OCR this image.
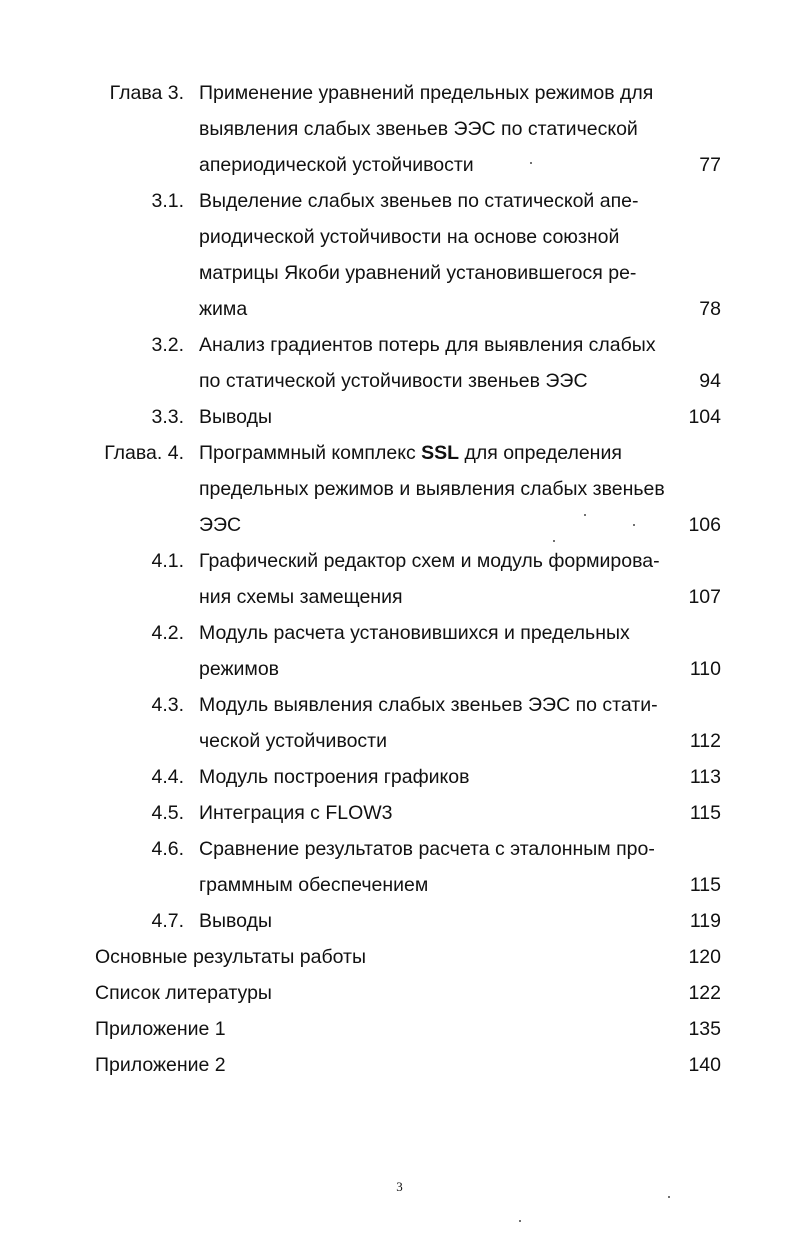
Глава 3. Применение уравнений предельных режимов для
выявления слабых звеньев ЭЭС по статической
апериодической устойчивости	77
3.1. Выделение слабых звеньев по статической апе-
риодической устойчивости на основе союзной
матрицы Якоби уравнений установившегося ре-
жима	78
3.2. Анализ градиентов потерь для выявления слабых
по статической устойчивости звеньев ЭЭС	94
3.3. Выводы	104
Глава. 4. Программный комплекс SSL для определения
предельных режимов и выявления слабых звеньев
ЭЭС	106
4.1. Графический редактор схем и модуль формирова-
ния схемы замещения	107
4.2. Модуль расчета установившихся и предельных
режимов	110
4.3. Модуль выявления слабых звеньев ЭЭС по стати-
ческой устойчивости	112
4.4. Модуль построения графиков	113
4.5. Интеграция с FLOW3	115
4.6. Сравнение результатов расчета с эталонным про-
граммным обеспечением	115
4.7. Выводы	119
Основные результаты работы	120
Список литературы	122
Приложение 1	135
Приложение 2	140
3
